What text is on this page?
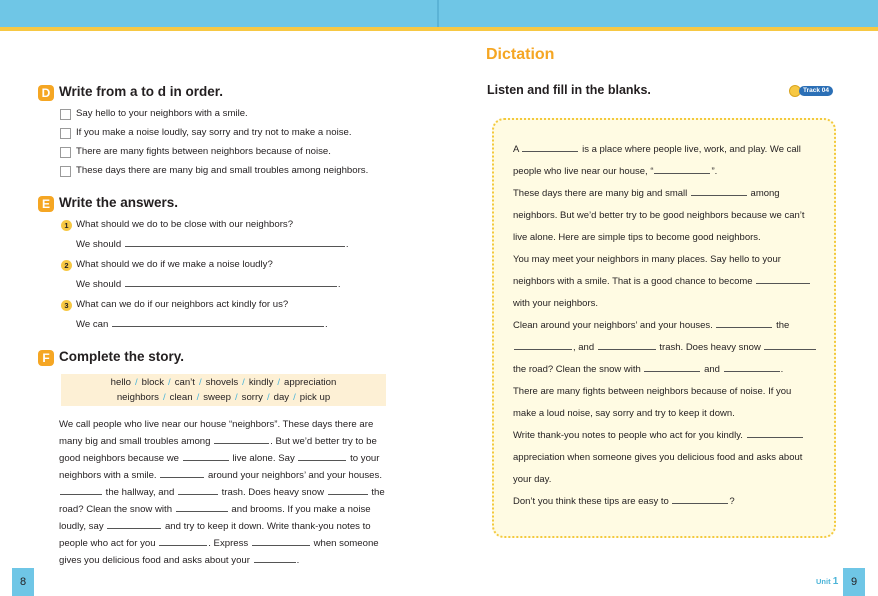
D Write from a to d in order.
Say hello to your neighbors with a smile.
If you make a noise loudly, say sorry and try not to make a noise.
There are many fights between neighbors because of noise.
These days there are many big and small troubles among neighbors.
E Write the answers.
1 What should we do to be close with our neighbors?
We should	.
2 What should we do if we make a noise loudly?
We should	.
3 What can we do if our neighbors act kindly for us?
We can	.
F Complete the story.
hello / block / can’t / shovels / kindly / appreciation
neighbors / clean / sweep / sorry / day / pick up
We call people who live near our house “neighbors”. These days there are
many big and small troubles among	. But we’d better try to be
good neighbors because we	live alone. Say	to your
neighbors with a smile.	around your neighbors’ and your houses.
the hallway, and	trash. Does heavy snow	the
road? Clean the snow with	and brooms. If you make a noise
loudly, say	and try to keep it down. Write thank-you notes to
people who act for you	. Express	when someone
gives you delicious food and asks about your	.
8
Dictation
Listen and fill in the blanks.	Track 04
A	is a place where people live, work, and play. We call
people who live near our house, “	”.
These days there are many big and small	among
neighbors. But we’d better try to be good neighbors because we can’t
live alone. Here are simple tips to become good neighbors.
You may meet your neighbors in many places. Say hello to your
neighbors with a smile. That is a good chance to become
with your neighbors.
Clean around your neighbors’ and your houses.	the
, and	trash. Does heavy snow
the road? Clean the snow with	and	.
There are many fights between neighbors because of noise. If you
make a loud noise, say sorry and try to keep it down.
Write thank-you notes to people who act for you kindly.
appreciation when someone gives you delicious food and asks about
your day.
Don’t you think these tips are easy to	?
Unit 1	9
